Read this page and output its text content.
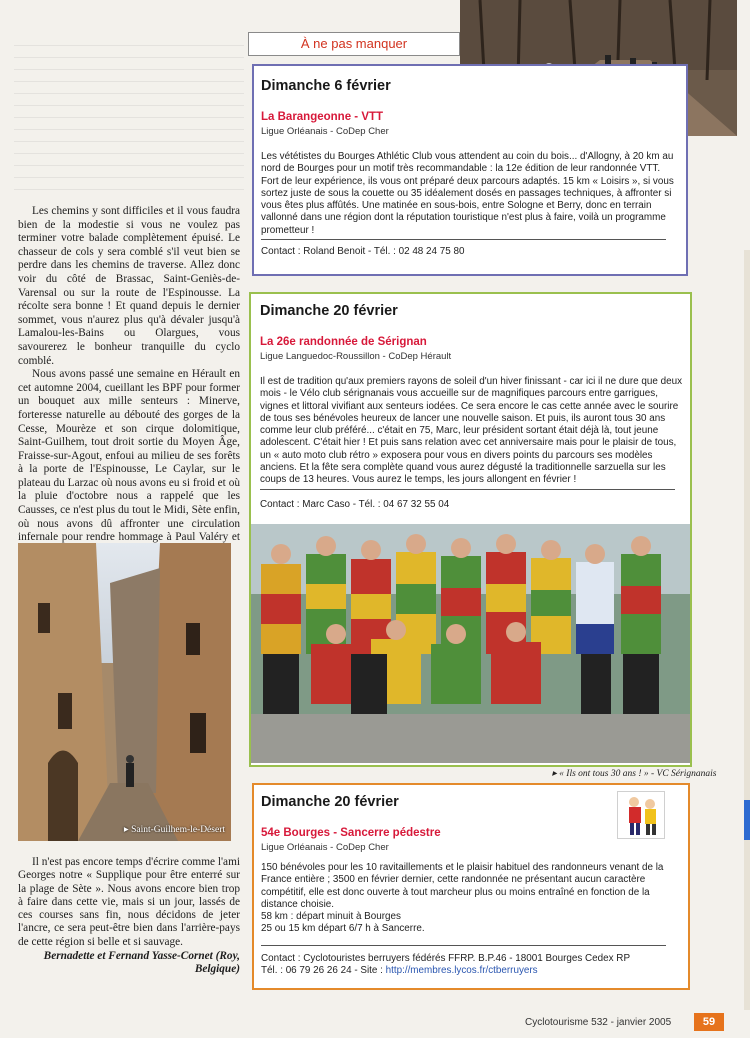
Les chemins y sont difficiles et il vous faudra bien de la modestie si vous ne voulez pas terminer votre balade complètement épuisé. Le chasseur de cols y sera comblé s'il veut bien se perdre dans les chemins de traverse. Allez donc voir du côté de Brassac, Saint-Geniès-de-Varensal ou sur la route de l'Espinousse. La récolte sera bonne ! Et quand depuis le dernier sommet, vous n'aurez plus qu'à dévaler jusqu'à Lamalou-les-Bains ou Olargues, vous savourerez le bonheur tranquille du cyclo comblé.

Nous avons passé une semaine en Hérault en cet automne 2004, cueillant les BPF pour former un bouquet aux mille senteurs : Minerve, forteresse naturelle au débouté des gorges de la Cesse, Mourèze et son cirque dolomitique, Saint-Guilhem, tout droit sortie du Moyen Âge, Fraisse-sur-Agout, enfoui au milieu de ses forêts à la porte de l'Espinousse, Le Caylar, sur le plateau du Larzac où nous avons eu si froid et où la pluie d'octobre nous a rappelé que les Causses, ce n'est plus du tout le Midi, Sète enfin, où nous avons dû affronter une circulation infernale pour rendre hommage à Paul Valéry et

▸ Saint-Guilhem-le-Désert

Il n'est pas encore temps d'écrire comme l'ami Georges notre « Supplique pour être enterré sur la plage de Sète ». Nous avons encore bien trop à faire dans cette vie, mais si un jour, lassés de ces courses sans fin, nous décidons de jeter l'ancre, ce sera peut-être bien dans l'arrière-pays de cette région si belle et si sauvage.

Bernadette et Fernand Yasse-Cornet (Roy, Belgique)
À ne pas manquer
Dimanche 6 février
La Barangeonne - VTT
Ligue Orléanais - CoDep Cher
Les vététistes du Bourges Athlétic Club vous attendent au coin du bois... d'Allogny, à 20 km au nord de Bourges pour un motif très recommandable : la 12e édition de leur randonnée VTT. Fort de leur expérience, ils vous ont préparé deux parcours adaptés. 15 km « Loisirs », si vous sortez juste de sous la couette ou 35 idéalement dosés en passages techniques, à affronter si vous êtes plus affûtés. Une matinée en sous-bois, entre Sologne et Berry, donc en terrain vallonné dans une région dont la réputation touristique n'est plus à faire, voilà un programme prometteur !
Contact : Roland Benoit - Tél. : 02 48 24 75 80
Dimanche 20 février
La 26e randonnée de Sérignan
Ligue Languedoc-Roussillon - CoDep Hérault
Il est de tradition qu'aux premiers rayons de soleil d'un hiver finissant - car ici il ne dure que deux mois - le Vélo club sérignanais vous accueille sur de magnifiques parcours entre garrigues, vignes et littoral vivifiant aux senteurs iodées. Ce sera encore le cas cette année avec le sourire de tous ses bénévoles heureux de lancer une nouvelle saison. Et puis, ils auront tous 30 ans comme leur club préféré... c'était en 75, Marc, leur président sortant était déjà là, tout jeune adolescent. C'était hier ! Et puis sans relation avec cet anniversaire mais pour le plaisir de tous, un « auto moto club rétro » exposera pour vous en divers points du parcours ses modèles anciens. Et la fête sera complète quand vous aurez dégusté la traditionnelle sarzuella sur les coups de 13 heures. Vous aurez le temps, les jours allongent en février !
Contact : Marc Caso - Tél. : 04 67 32 55 04
▸ « Ils ont tous 30 ans ! » - VC Sérignanais
Dimanche 20 février
54e Bourges - Sancerre pédestre
Ligue Orléanais - CoDep Cher
150 bénévoles pour les 10 ravitaillements et le plaisir habituel des randonneurs venant de la France entière ; 3500 en février dernier, cette randonnée ne présentant aucun caractère compétitif, elle est donc ouverte à tout marcheur plus ou moins entraîné en fonction de la distance choisie.
58 km : départ minuit à Bourges
25 ou 15 km départ 6/7 h à Sancerre.
Contact : Cyclotouristes berruyers fédérés FFRP. B.P.46 - 18001 Bourges Cedex RP
Tél. : 06 79 26 26 24 - Site : http://membres.lycos.fr/ctberruyers
Cyclotourisme 532 - janvier 2005	59
